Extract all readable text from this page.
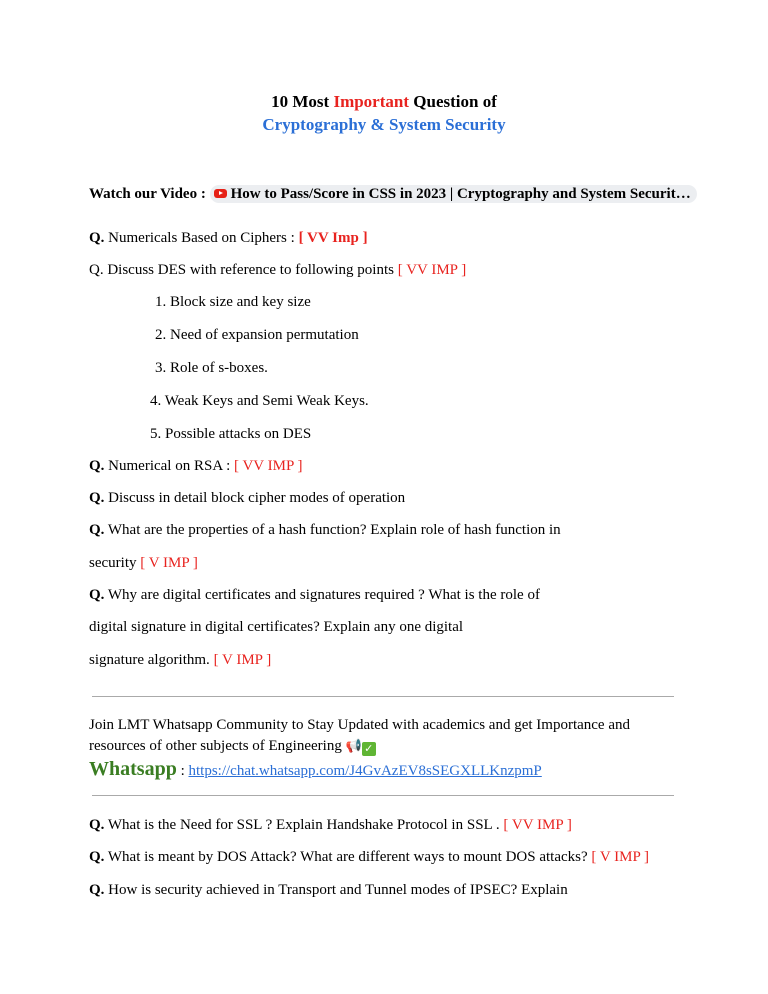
10 Most Important Question of
Cryptography & System Security
Watch our Video : How to Pass/Score in CSS in 2023 | Cryptography and System Securit…
Q. Numericals Based on Ciphers : [ VV Imp ]
Q. Discuss DES with reference to following points [ VV IMP ]
1. Block size and key size
2. Need of expansion permutation
3. Role of s-boxes.
4. Weak Keys and Semi Weak Keys.
5. Possible attacks on DES
Q. Numerical on RSA : [ VV IMP ]
Q. Discuss in detail block cipher modes of operation
Q. What are the properties of a hash function? Explain role of hash function in
security [ V IMP ]
Q. Why are digital certificates and signatures required ? What is the role of
digital signature in digital certificates? Explain any one digital
signature algorithm. [ V IMP ]
Join LMT Whatsapp Community to Stay Updated with academics and get Importance and
resources of other subjects of Engineering 📢 ✓
Whatsapp : https://chat.whatsapp.com/J4GvAzEV8sSEGXLLKnzpmP
Q. What is the Need for SSL ? Explain Handshake Protocol in SSL . [ VV IMP ]
Q. What is meant by DOS Attack? What are different ways to mount DOS attacks? [ V IMP ]
Q. How is security achieved in Transport and Tunnel modes of IPSEC? Explain
